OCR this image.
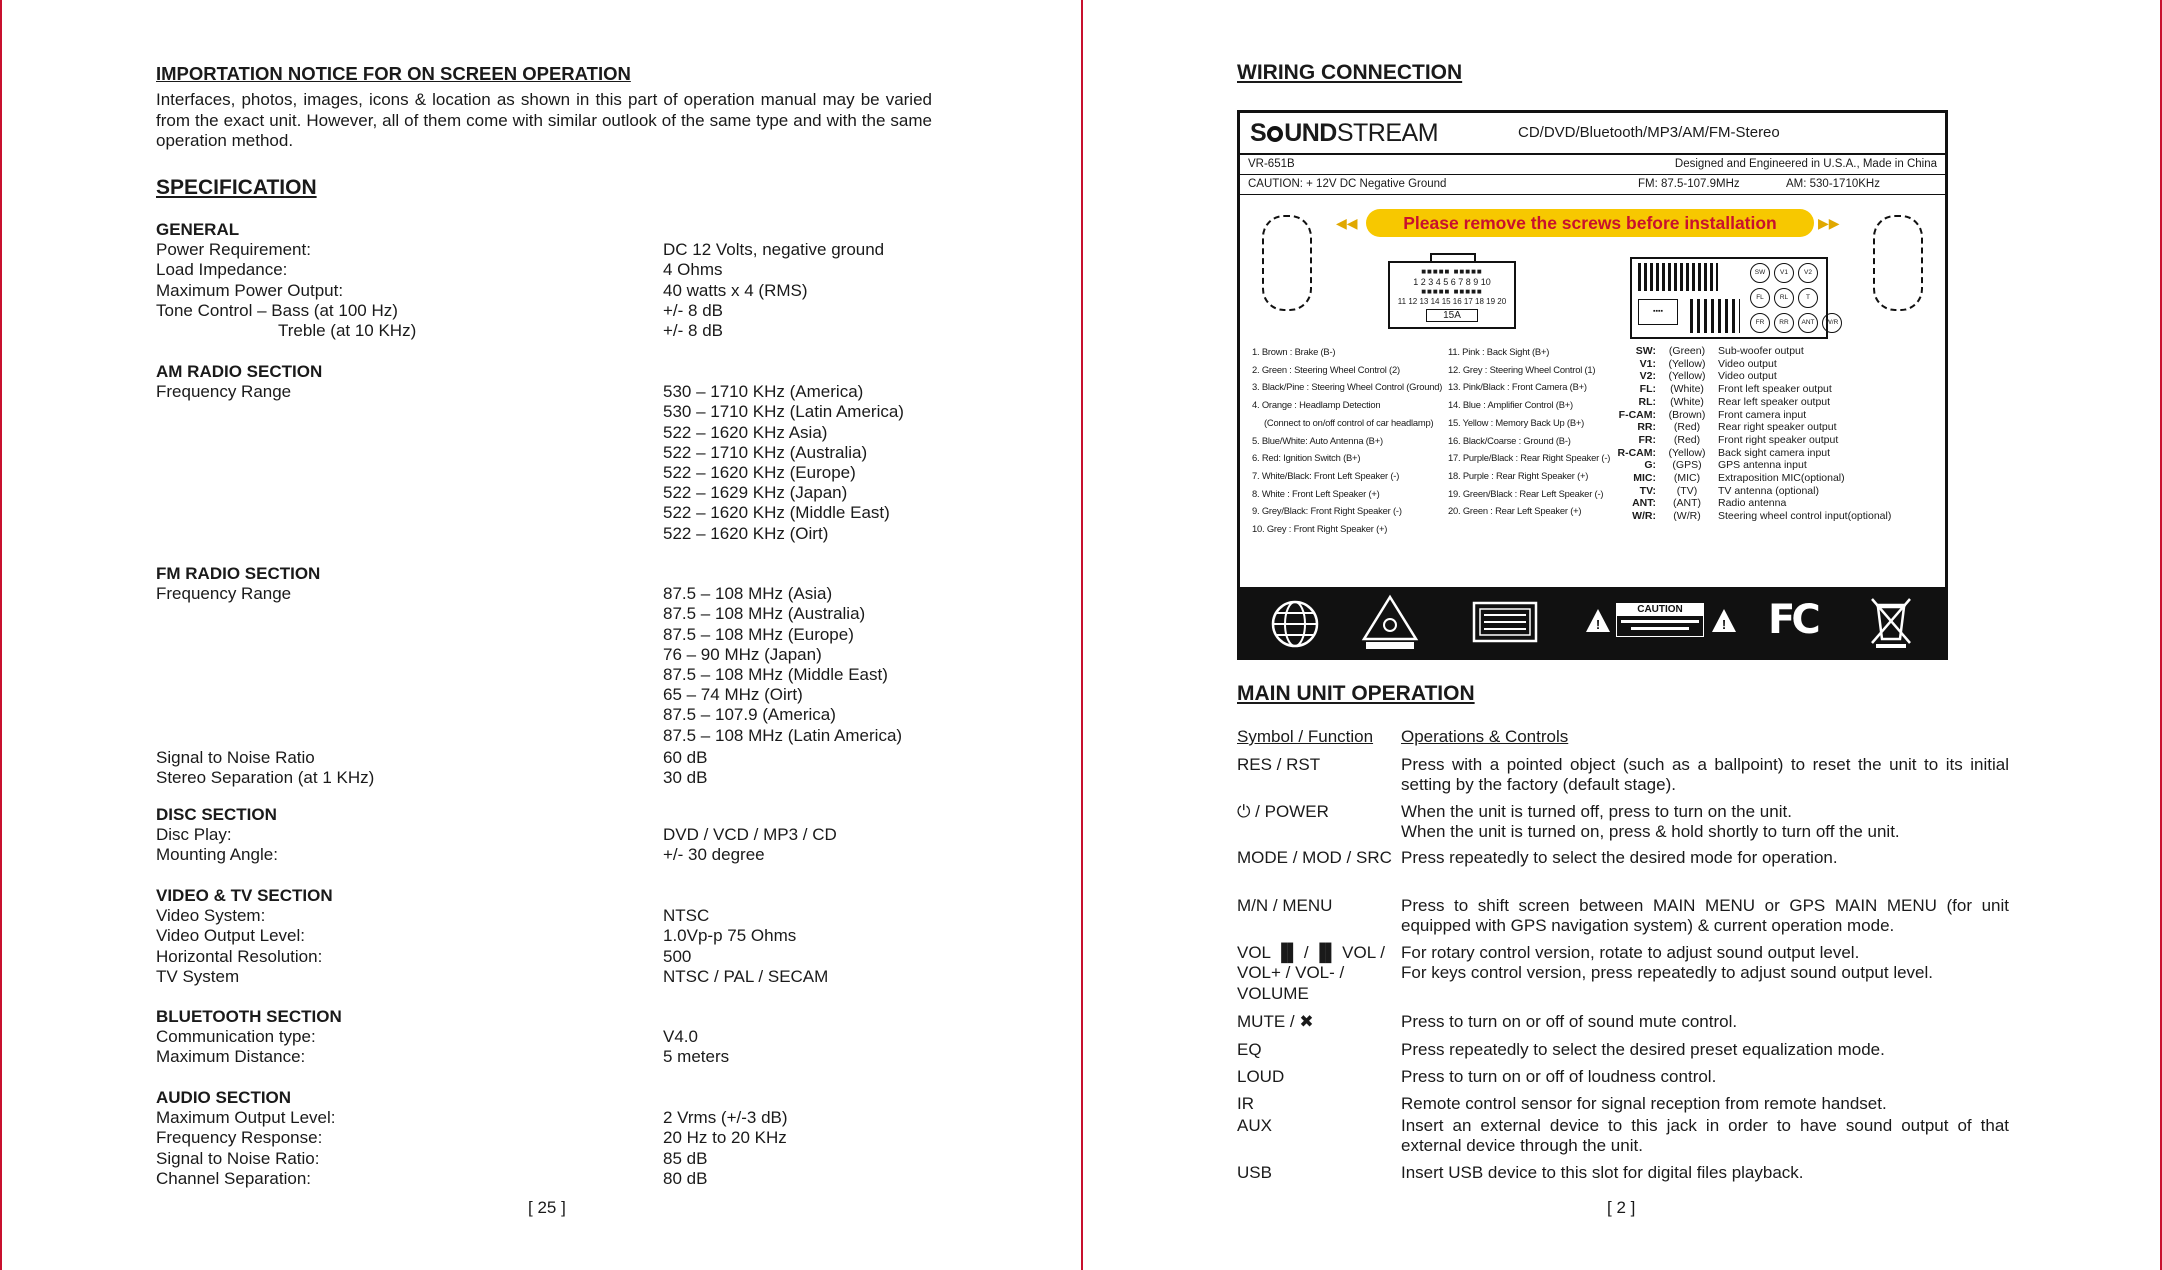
IMPORTATION NOTICE FOR ON SCREEN OPERATION
Interfaces, photos, images, icons & location as shown in this part of operation manual may be varied from the exact unit. However, all of them come with similar outlook of the same type and with the same operation method.
SPECIFICATION
GENERAL
Power Requirement:	DC 12 Volts, negative ground
Load Impedance:	4 Ohms
Maximum Power Output:	40 watts x 4 (RMS)
Tone Control – Bass (at 100 Hz)	+/- 8 dB
Treble (at 10 KHz)	+/- 8 dB
AM RADIO SECTION
Frequency Range	530 – 1710 KHz (America)
530 – 1710 KHz (Latin America)
522 – 1620 KHz Asia)
522 – 1710 KHz (Australia)
522 – 1620 KHz (Europe)
522 – 1629 KHz (Japan)
522 – 1620 KHz (Middle East)
522 – 1620 KHz (Oirt)
FM RADIO SECTION
Frequency Range	87.5 – 108 MHz (Asia)
87.5 – 108 MHz (Australia)
87.5 – 108 MHz (Europe)
76 – 90 MHz (Japan)
87.5 – 108 MHz (Middle East)
65 – 74 MHz (Oirt)
87.5 – 107.9 (America)
87.5 – 108 MHz (Latin America)
Signal to Noise Ratio	60 dB
Stereo Separation (at 1 KHz)	30 dB
DISC SECTION
Disc Play:	DVD / VCD / MP3 / CD
Mounting Angle:	+/- 30 degree
VIDEO & TV SECTION
Video System:	NTSC
Video Output Level:	1.0Vp-p 75 Ohms
Horizontal Resolution:	500
TV System	NTSC / PAL / SECAM
BLUETOOTH SECTION
Communication type:	V4.0
Maximum Distance:	5 meters
AUDIO SECTION
Maximum Output Level:	2 Vrms (+/-3 dB)
Frequency Response:	20 Hz to 20 KHz
Signal to Noise Ratio:	85 dB
Channel Separation:	80 dB
[ 25 ]
WIRING CONNECTION
S UNDSTREAM	CD/DVD/Bluetooth/MP3/AM/FM-Stereo
VR-651B	Designed and Engineered in U.S.A., Made in China
CAUTION: + 12V DC Negative Ground	FM: 87.5-107.9MHz	AM: 530-1710KHz
◀◀	Please remove the screws before installation	▶▶
■■■■■ ■■■■■
1 2 3 4 5 6 7 8 9 10
■■■■■ ■■■■■
11 12 13 14 15 16 17 18 19 20
15A	▪▪▪▪
SW	V1	V2
FL	RL	T
FR	RR	ANT	W/R
1. Brown : Brake (B-)
2. Green : Steering Wheel Control (2)
3. Black/Pine : Steering Wheel Control (Ground)
4. Orange : Headlamp Detection
(Connect to on/off control of car headlamp)
5. Blue/White: Auto Antenna (B+)
6. Red: Ignition Switch (B+)
7. White/Black: Front Left Speaker (-)
8. White : Front Left Speaker (+)
9. Grey/Black: Front Right Speaker (-)
10. Grey : Front Right Speaker (+)
11. Pink : Back Sight (B+)
12. Grey : Steering Wheel Control (1)
13. Pink/Black : Front Camera (B+)
14. Blue : Amplifier Control (B+)
15. Yellow : Memory Back Up (B+)
16. Black/Coarse : Ground (B-)
17. Purple/Black : Rear Right Speaker (-)
18. Purple : Rear Right Speaker (+)
19. Green/Black : Rear Left Speaker (-)
20. Green : Rear Left Speaker (+)
SW:	(Green)	Sub-woofer output
V1:	(Yellow)	Video output
V2:	(Yellow)	Video output
FL:	(White)	Front left speaker output
RL:	(White)	Rear left speaker output
F-CAM:	(Brown)	Front camera input
RR:	(Red)	Rear right speaker output
FR:	(Red)	Front right speaker output
R-CAM:	(Yellow)	Back sight camera input
G:	(GPS)	GPS antenna input
MIC:	(MIC)	Extraposition MIC(optional)
TV:	(TV)	TV antenna (optional)
ANT:	(ANT)	Radio antenna
W/R:	(W/R)	Steering wheel control input(optional)
!
CAUTION
! FC
MAIN UNIT OPERATION
Symbol / Function	Operations & Controls
RES / RST	Press with a pointed object (such as a ballpoint) to reset the unit to its initial setting by the factory (default stage).
⏻ / POWER	When the unit is turned off, press to turn on the unit.
When the unit is turned on, press & hold shortly to turn off the unit.
MODE / MOD / SRC Press repeatedly to select the desired mode for operation.
M/N / MENU	Press to shift screen between MAIN MENU or GPS MAIN MENU (for unit equipped with GPS navigation system) & current operation mode.
VOL ▐▌ / ▐▌ VOL / VOL+ / VOL- / VOLUME
For rotary control version, rotate to adjust sound output level.
For keys control version, press repeatedly to adjust sound output level.
MUTE / ✖	Press to turn on or off of sound mute control.
EQ	Press repeatedly to select the desired preset equalization mode.
LOUD	Press to turn on or off of loudness control.
IR	Remote control sensor for signal reception from remote handset.
AUX	Insert an external device to this jack in order to have sound output of that external device through the unit.
USB	Insert USB device to this slot for digital files playback.
[ 2 ]
